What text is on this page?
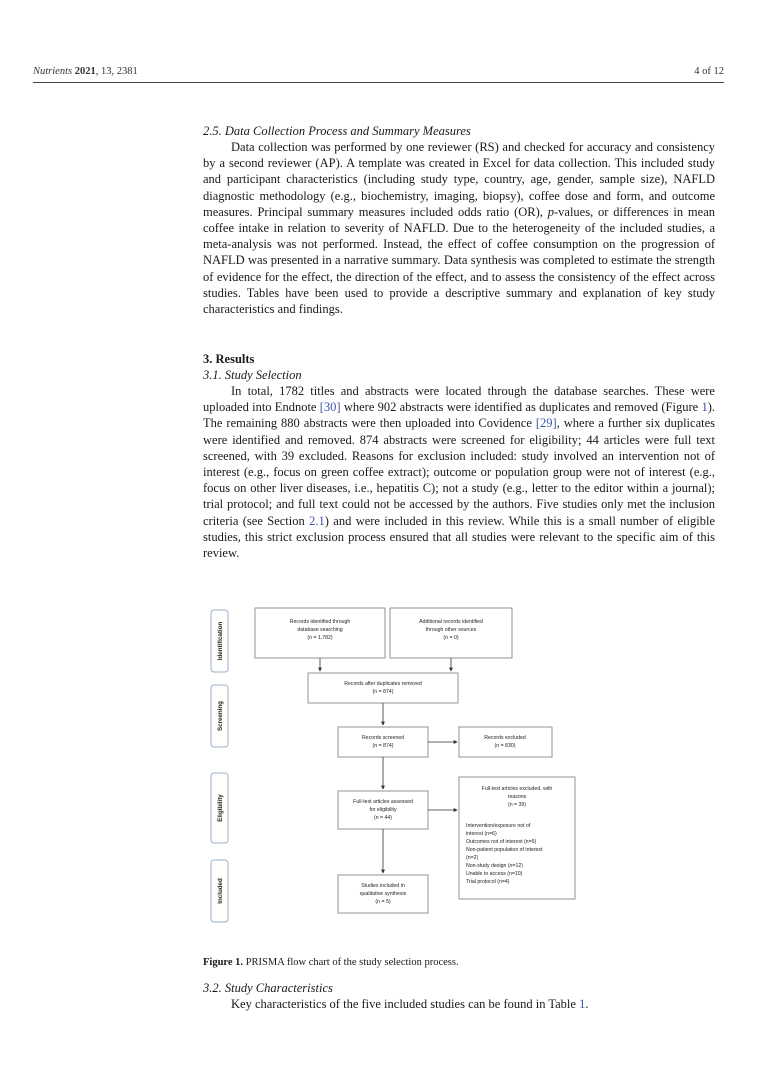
Nutrients 2021, 13, 2381	4 of 12
2.5. Data Collection Process and Summary Measures

Data collection was performed by one reviewer (RS) and checked for accuracy and consistency by a second reviewer (AP). A template was created in Excel for data collection. This included study and participant characteristics (including study type, country, age, gender, sample size), NAFLD diagnostic methodology (e.g., biochemistry, imaging, biopsy), coffee dose and form, and outcome measures. Principal summary measures included odds ratio (OR), p-values, or differences in mean coffee intake in relation to severity of NAFLD. Due to the heterogeneity of the included studies, a meta-analysis was not performed. Instead, the effect of coffee consumption on the progression of NAFLD was presented in a narrative summary. Data synthesis was completed to estimate the strength of evidence for the effect, the direction of the effect, and to assess the consistency of the effect across studies. Tables have been used to provide a descriptive summary and explanation of key study characteristics and findings.

3. Results
3.1. Study Selection

In total, 1782 titles and abstracts were located through the database searches. These were uploaded into Endnote [30] where 902 abstracts were identified as duplicates and removed (Figure 1). The remaining 880 abstracts were then uploaded into Covidence [29], where a further six duplicates were identified and removed. 874 abstracts were screened for eligibility; 44 articles were full text screened, with 39 excluded. Reasons for exclusion included: study involved an intervention not of interest (e.g., focus on green coffee extract); outcome or population group were not of interest (e.g., focus on other liver diseases, i.e., hepatitis C); not a study (e.g., letter to the editor within a journal); trial protocol; and full text could not be accessed by the authors. Five studies only met the inclusion criteria (see Section 2.1) and were included in this review. While this is a small number of eligible studies, this strict exclusion process ensured that all studies were relevant to the specific aim of this review.

Identification
Screening
Eligibility
Included
Records identified through
database searching
(n = 1,782)
Additional records identified
through other sources
(n = 0)
Records after duplicates removed
(n = 874)
Records screened
(n = 874)
Records excluded
(n = 830)
Full-text articles assessed
for eligibility
(n = 44)
Full-text articles excluded, with
reasons
(n = 39)
Intervention/exposure not of
interest (n=6)
Outcomes not of interest (n=5)
Non-patient population of interest
(n=2)
Non-study design (n=12)
Unable to access (n=10)
Trial protocol (n=4)
Studies included in
qualitative synthesis
(n = 5)
Figure 1. PRISMA flow chart of the study selection process.
3.2. Study Characteristics

Key characteristics of the five included studies can be found in Table 1.
